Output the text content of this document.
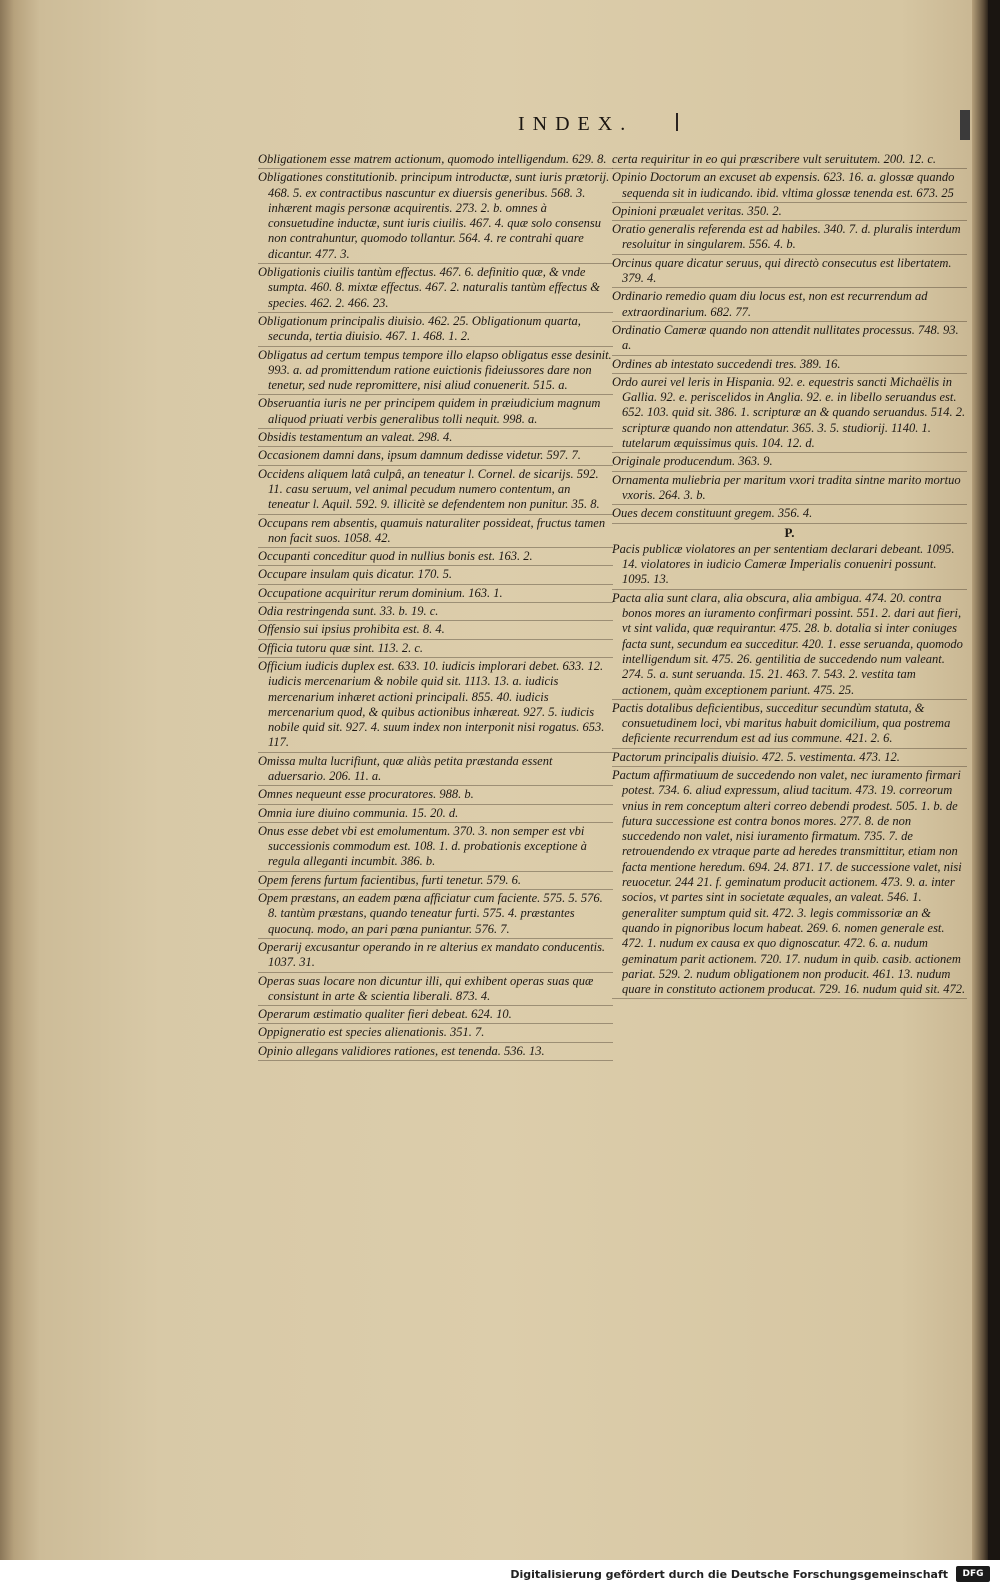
INDEX.
Obligationem esse matrem actionum, quomodo intelligendum. 629. 8.
Obligationes constitutionib. principum introductæ, sunt iuris prætorij. 468. 5. ex contractibus nascuntur ex diuersis generibus. 568. 3. inhærent magis personæ acquirentis. 273. 2. b. omnes à consuetudine inductæ, sunt iuris ciuilis. 467. 4. quæ solo consensu non contrahuntur, quomodo tollantur. 564. 4. re contrahi quare dicantur. 477. 3.
Obligationis ciuilis tantùm effectus. 467. 6. definitio quæ, & vnde sumpta. 460. 8. mixtæ effectus. 467. 2. naturalis tantùm effectus & species. 462. 2. 466. 23.
Obligationum principalis diuisio. 462. 25. Obligationum quarta, secunda, tertia diuisio. 467. 1. 468. 1. 2.
Obligatus ad certum tempus tempore illo elapso obligatus esse desinit. 993. a. ad promittendum ratione euictionis fideiussores dare non tenetur, sed nude repromittere, nisi aliud conuenerit. 515. a.
Obseruantia iuris ne per principem quidem in præiudicium magnum aliquod priuati verbis generalibus tolli nequit. 998. a.
Obsidis testamentum an valeat. 298. 4.
Occasionem damni dans, ipsum damnum dedisse videtur. 597. 7.
Occidens aliquem latâ culpâ, an teneatur l. Cornel. de sicarijs. 592. 11. casu seruum, vel animal pecudum numero contentum, an teneatur l. Aquil. 592. 9. illicitè se defendentem non punitur. 35. 8.
Occupans rem absentis, quamuis naturaliter possideat, fructus tamen non facit suos. 1058. 42.
Occupanti conceditur quod in nullius bonis est. 163. 2.
Occupare insulam quis dicatur. 170. 5.
Occupatione acquiritur rerum dominium. 163. 1.
Odia restringenda sunt. 33. b. 19. c.
Offensio sui ipsius prohibita est. 8. 4.
Officia tutoru quæ sint. 113. 2. c.
Officium iudicis duplex est. 633. 10. iudicis implorari debet. 633. 12. iudicis mercenarium & nobile quid sit. 1113. 13. a. iudicis mercenarium inhæret actioni principali. 855. 40. iudicis mercenarium quod, & quibus actionibus inhæreat. 927. 5. iudicis nobile quid sit. 927. 4. suum index non interponit nisi rogatus. 653. 117.
Omissa multa lucrifiunt, quæ aliàs petita præstanda essent aduersario. 206. 11. a.
Omnes nequeunt esse procuratores. 988. b.
Omnia iure diuino communia. 15. 20. d.
Onus esse debet vbi est emolumentum. 370. 3. non semper est vbi successionis commodum est. 108. 1. d. probationis exceptione à regula alleganti incumbit. 386. b.
Opem ferens furtum facientibus, furti tenetur. 579. 6.
Opem præstans, an eadem pœna afficiatur cum faciente. 575. 5. 576. 8. tantùm præstans, quando teneatur furti. 575. 4. præstantes quocunq. modo, an pari pœna puniantur. 576. 7.
Operarij excusantur operando in re alterius ex mandato conducentis. 1037. 31.
Operas suas locare non dicuntur illi, qui exhibent operas suas quæ consistunt in arte & scientia liberali. 873. 4.
Operarum æstimatio qualiter fieri debeat. 624. 10.
Oppigneratio est species alienationis. 351. 7.
Opinio allegans validiores rationes, est tenenda. 536. 13.
certa requiritur in eo qui præscribere vult seruitutem. 200. 12. c.
Opinio Doctorum an excuset ab expensis. 623. 16. a. glossæ quando sequenda sit in iudicando. ibid. vltima glossæ tenenda est. 673. 25
Opinioni præualet veritas. 350. 2.
Oratio generalis referenda est ad habiles. 340. 7. d. pluralis interdum resoluitur in singularem. 556. 4. b.
Orcinus quare dicatur seruus, qui directò consecutus est libertatem. 379. 4.
Ordinario remedio quam diu locus est, non est recurrendum ad extraordinarium. 682. 77.
Ordinatio Cameræ quando non attendit nullitates processus. 748. 93. a.
Ordines ab intestato succedendi tres. 389. 16.
Ordo aurei vel leris in Hispania. 92. e. equestris sancti Michaëlis in Gallia. 92. e. periscelidos in Anglia. 92. e. in libello seruandus est. 652. 103. quid sit. 386. 1. scripturæ an & quando seruandus. 514. 2. scripturæ quando non attendatur. 365. 3. 5. studiorij. 1140. 1. tutelarum æquissimus quis. 104. 12. d.
Originale producendum. 363. 9.
Ornamenta muliebria per maritum vxori tradita sintne marito mortuo vxoris. 264. 3. b.
Oues decem constituunt gregem. 356. 4.
P.
Pacis publicæ violatores an per sententiam declarari debeant. 1095. 14. violatores in iudicio Cameræ Imperialis conueniri possunt. 1095. 13.
Pacta alia sunt clara, alia obscura, alia ambigua. 474. 20. contra bonos mores an iuramento confirmari possint. 551. 2. dari aut fieri, vt sint valida, quæ requirantur. 475. 28. b. dotalia si inter coniuges facta sunt, secundum ea succeditur. 420. 1. esse seruanda, quomodo intelligendum sit. 475. 26. gentilitia de succedendo num valeant. 274. 5. a. sunt seruanda. 15. 21. 463. 7. 543. 2. vestita tam actionem, quàm exceptionem pariunt. 475. 25.
Pactis dotalibus deficientibus, succeditur secundùm statuta, & consuetudinem loci, vbi maritus habuit domicilium, qua postrema deficiente recurrendum est ad ius commune. 421. 2. 6.
Pactorum principalis diuisio. 472. 5. vestimenta. 473. 12.
Pactum affirmatiuum de succedendo non valet, nec iuramento firmari potest. 734. 6. aliud expressum, aliud tacitum. 473. 19. correorum vnius in rem conceptum alteri correo debendi prodest. 505. 1. b. de futura successione est contra bonos mores. 277. 8. de non succedendo non valet, nisi iuramento firmatum. 735. 7. de retrouendendo ex vtraque parte ad heredes transmittitur, etiam non facta mentione heredum. 694. 24. 871. 17. de successione valet, nisi reuocetur. 244 21. f. geminatum producit actionem. 473. 9. a. inter socios, vt partes sint in societate æquales, an valeat. 546. 1. generaliter sumptum quid sit. 472. 3. legis commissoriæ an & quando in pignoribus locum habeat. 269. 6. nomen generale est. 472. 1. nudum ex causa ex quo dignoscatur. 472. 6. a. nudum geminatum parit actionem. 720. 17. nudum in quib. casib. actionem pariat. 529. 2. nudum obligationem non producit. 461. 13. nudum quare in constituto actionem producat. 729. 16. nudum quid sit. 472.
Digitalisierung gefördert durch die Deutsche Forschungsgemeinschaft	DFG
